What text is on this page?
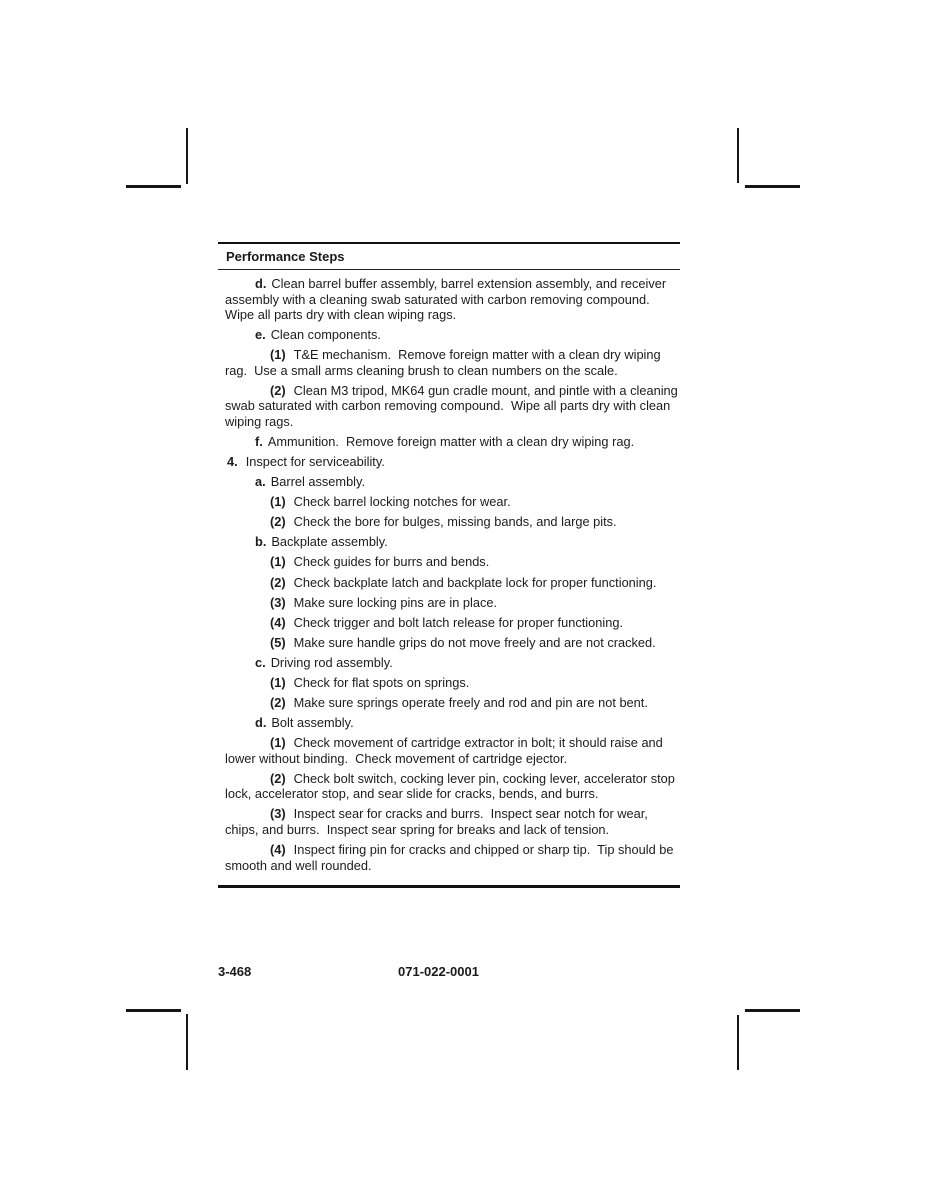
Performance Steps

d. Clean barrel buffer assembly, barrel extension assembly, and receiver assembly with a cleaning swab saturated with carbon removing compound. Wipe all parts dry with clean wiping rags.

e. Clean components.

(1) T&E mechanism.  Remove foreign matter with a clean dry wiping rag.  Use a small arms cleaning brush to clean numbers on the scale.

(2) Clean M3 tripod, MK64 gun cradle mount, and pintle with a cleaning swab saturated with carbon removing compound.  Wipe all parts dry with clean wiping rags.

f. Ammunition.  Remove foreign matter with a clean dry wiping rag.

4. Inspect for serviceability.

a. Barrel assembly.

(1) Check barrel locking notches for wear.

(2) Check the bore for bulges, missing bands, and large pits.

b. Backplate assembly.

(1) Check guides for burrs and bends.

(2) Check backplate latch and backplate lock for proper functioning.

(3) Make sure locking pins are in place.

(4) Check trigger and bolt latch release for proper functioning.

(5) Make sure handle grips do not move freely and are not cracked.

c. Driving rod assembly.

(1) Check for flat spots on springs.

(2) Make sure springs operate freely and rod and pin are not bent.

d. Bolt assembly.

(1) Check movement of cartridge extractor in bolt; it should raise and lower without binding.  Check movement of cartridge ejector.

(2) Check bolt switch, cocking lever pin, cocking lever, accelerator stop lock, accelerator stop, and sear slide for cracks, bends, and burrs.

(3) Inspect sear for cracks and burrs.  Inspect sear notch for wear, chips, and burrs.  Inspect sear spring for breaks and lack of tension.

(4) Inspect firing pin for cracks and chipped or sharp tip.  Tip should be smooth and well rounded.

3-468	071-022-0001
